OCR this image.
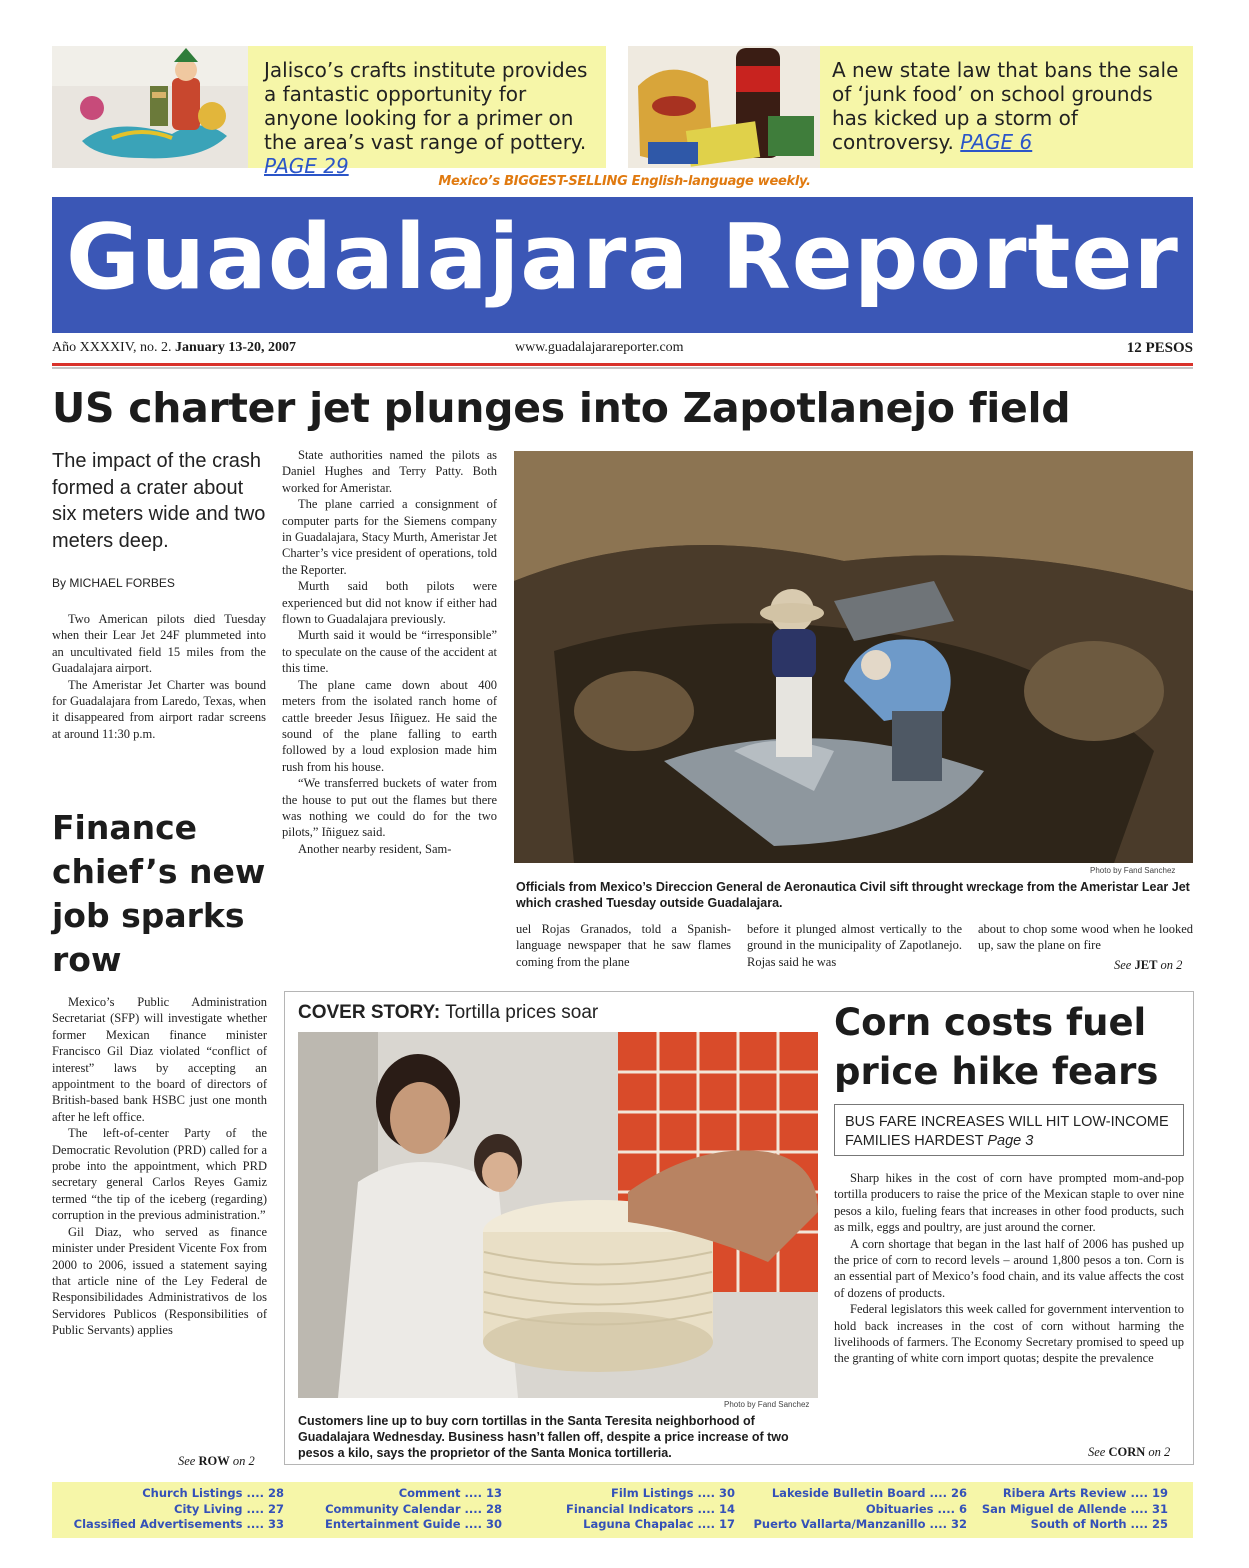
Jalisco’s crafts institute provides a fantastic opportunity for anyone looking for a primer on the area’s vast range of pottery. PAGE 29
A new state law that bans the sale of ‘junk food’ on school grounds has kicked up a storm of controversy. PAGE 6
Mexico’s BIGGEST-SELLING English-language weekly.
Guadalajara Reporter
Año XXXXIV, no. 2. January 13-20, 2007	www.guadalajarareporter.com	12 PESOS
US charter jet plunges into Zapotlanejo field
The impact of the crash formed a crater about six meters wide and two meters deep.
By MICHAEL FORBES

Two American pilots died Tuesday when their Lear Jet 24F plummeted into an uncultivated field 15 miles from the Guadalajara airport.

The Ameristar Jet Charter was bound for Guadalajara from Laredo, Texas, when it disappeared from airport radar screens at around 11:30 p.m.

State authorities named the pilots as Daniel Hughes and Terry Patty. Both worked for Ameristar.

The plane carried a consignment of computer parts for the Siemens company in Guadalajara, Stacy Murth, Ameristar Jet Charter’s vice president of operations, told the Reporter.

Murth said both pilots were experienced but did not know if either had flown to Guadalajara previously.

Murth said it would be “irresponsible” to speculate on the cause of the accident at this time.

The plane came down about 400 meters from the isolated ranch home of cattle breeder Jesus Iñiguez. He said the sound of the plane falling to earth followed by a loud explosion made him rush from his house.

“We transferred buckets of water from the house to put out the flames but there was nothing we could do for the two pilots,” Iñiguez said.

Another nearby resident, Sam-

Photo by Fand Sanchez
Officials from Mexico’s Direccion General de Aeronautica Civil sift throught wreckage from the Ameristar Lear Jet which crashed Tuesday outside Guadalajara.

uel Rojas Granados, told a Spanish-language newspaper that he saw flames coming from the plane

before it plunged almost vertically to the ground in the municipality of Zapotlanejo. Rojas said he was

about to chop some wood when he looked up, saw the plane on fire

See JET on 2
Finance chief’s new job sparks row

Mexico’s Public Administration Secretariat (SFP) will investigate whether former Mexican finance minister Francisco Gil Diaz violated “conflict of interest” laws by accepting an appointment to the board of directors of British-based bank HSBC just one month after he left office.

The left-of-center Party of the Democratic Revolution (PRD) called for a probe into the appointment, which PRD secretary general Carlos Reyes Gamiz termed “the tip of the iceberg (regarding) corruption in the previous administration.”

Gil Diaz, who served as finance minister under President Vicente Fox from 2000 to 2006, issued a statement saying that article nine of the Ley Federal de Responsibilidades Administrativos de los Servidores Publicos (Responsibilities of Public Servants) applies

See ROW on 2
COVER STORY: Tortilla prices soar
Photo by Fand Sanchez
Customers line up to buy corn tortillas in the Santa Teresita neighborhood of Guadalajara Wednesday. Business hasn’t fallen off, despite a price increase of two pesos a kilo, says the proprietor of the Santa Monica tortilleria.
Corn costs fuel price hike fears
BUS FARE INCREASES WILL HIT LOW-INCOME FAMILIES HARDEST Page 3

Sharp hikes in the cost of corn have prompted mom-and-pop tortilla producers to raise the price of the Mexican staple to over nine pesos a kilo, fueling fears that increases in other food products, such as milk, eggs and poultry, are just around the corner.

A corn shortage that began in the last half of 2006 has pushed up the price of corn to record levels – around 1,800 pesos a ton. Corn is an essential part of Mexico’s food chain, and its value affects the cost of dozens of products.

Federal legislators this week called for government intervention to hold back increases in the cost of corn without harming the livelihoods of farmers. The Economy Secretary promised to speed up the granting of white corn import quotas; despite the prevalence

See CORN on 2
Church Listings .... 28
City Living .... 27
Classified Advertisements .... 33
Comment .... 13
Community Calendar .... 28
Entertainment Guide .... 30
Film Listings .... 30
Financial Indicators .... 14
Laguna Chapalac .... 17
Lakeside Bulletin Board .... 26
Obituaries .... 6
Puerto Vallarta/Manzanillo .... 32
Ribera Arts Review .... 19
San Miguel de Allende .... 31
South of North .... 25
